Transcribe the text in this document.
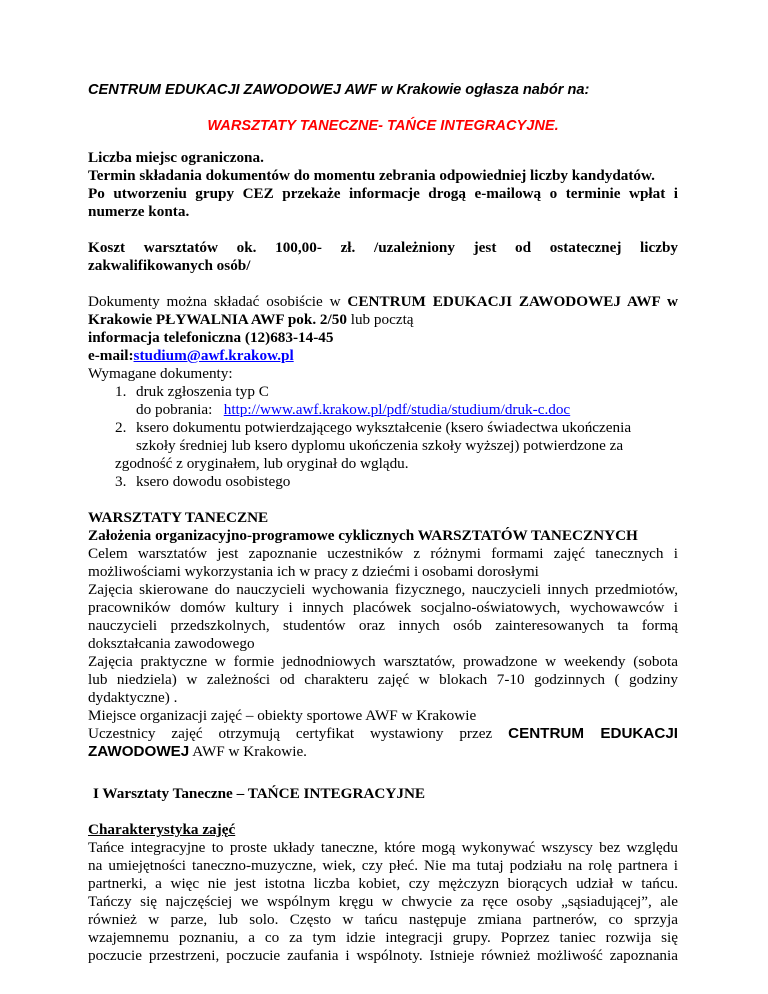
CENTRUM EDUKACJI ZAWODOWEJ AWF w Krakowie ogłasza nabór na:
WARSZTATY TANECZNE- TAŃCE INTEGRACYJNE.
Liczba miejsc ograniczona.
Termin składania dokumentów do momentu zebrania odpowiedniej liczby kandydatów.
Po utworzeniu grupy CEZ przekaże informacje drogą e-mailową o terminie wpłat i
numerze konta.
Koszt warsztatów ok. 100,00- zł. /uzależniony jest od ostatecznej liczby
zakwalifikowanych osób/
Dokumenty można składać osobiście w CENTRUM EDUKACJI ZAWODOWEJ AWF w
Krakowie PŁYWALNIA AWF pok. 2/50 lub pocztą
informacja telefoniczna (12)683-14-45
e-mail:studium@awf.krakow.pl
Wymagane dokumenty:
1. druk zgłoszenia typ C
do pobrania: http://www.awf.krakow.pl/pdf/studia/studium/druk-c.doc
2. ksero dokumentu potwierdzającego wykształcenie (ksero świadectwa ukończenia
szkoły średniej lub ksero dyplomu ukończenia szkoły wyższej) potwierdzone za
zgodność z oryginałem, lub oryginał do wglądu.
3. ksero dowodu osobistego
WARSZTATY TANECZNE
Założenia organizacyjno-programowe cyklicznych WARSZTATÓW TANECZNYCH
Celem warsztatów jest zapoznanie uczestników z różnymi formami zajęć tanecznych i
możliwościami wykorzystania ich w pracy z dziećmi i osobami dorosłymi
Zajęcia skierowane do nauczycieli wychowania fizycznego, nauczycieli innych przedmiotów,
pracowników domów kultury i innych placówek socjalno-oświatowych, wychowawców i
nauczycieli przedszkolnych, studentów oraz innych osób zainteresowanych ta formą
dokształcania zawodowego
Zajęcia praktyczne w formie jednodniowych warsztatów, prowadzone w weekendy (sobota
lub niedziela) w zależności od charakteru zajęć w blokach 7-10 godzinnych ( godziny
dydaktyczne) .
Miejsce organizacji zajęć – obiekty sportowe AWF w Krakowie
Uczestnicy zajęć otrzymują certyfikat wystawiony przez CENTRUM EDUKACJI
ZAWODOWEJ AWF w Krakowie.
I Warsztaty Taneczne – TAŃCE INTEGRACYJNE
Charakterystyka zajęć
Tańce integracyjne to proste układy taneczne, które mogą wykonywać wszyscy bez względu
na umiejętności taneczno-muzyczne, wiek, czy płeć. Nie ma tutaj podziału na rolę partnera i
partnerki, a więc nie jest istotna liczba kobiet, czy mężczyzn biorących udział w tańcu.
Tańczy się najczęściej we wspólnym kręgu w chwycie za ręce osoby „sąsiadującej”, ale
również w parze, lub solo. Często w tańcu następuje zmiana partnerów, co sprzyja
wzajemnemu poznaniu, a co za tym idzie integracji grupy. Poprzez taniec rozwija się
poczucie przestrzeni, poczucie zaufania i wspólnoty. Istnieje również możliwość zapoznania
